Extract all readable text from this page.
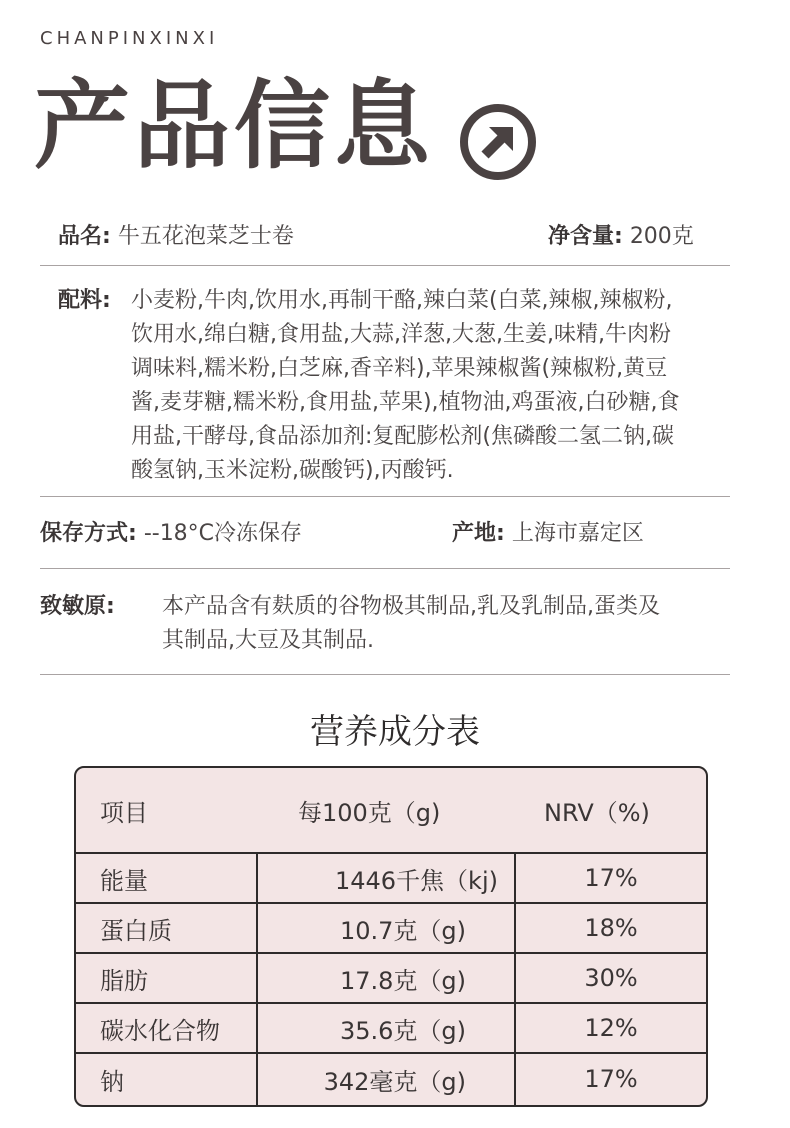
CHANPINXINXI
产品信息
品名: 牛五花泡菜芝士卷	净含量: 200克
配料: 小麦粉,牛肉,饮用水,再制干酪,辣白菜(白菜,辣椒,辣椒粉,
饮用水,绵白糖,食用盐,大蒜,洋葱,大葱,生姜,味精,牛肉粉
调味料,糯米粉,白芝麻,香辛料),苹果辣椒酱(辣椒粉,黄豆
酱,麦芽糖,糯米粉,食用盐,苹果),植物油,鸡蛋液,白砂糖,食
用盐,干酵母,食品添加剂:复配膨松剂(焦磷酸二氢二钠,碳
酸氢钠,玉米淀粉,碳酸钙),丙酸钙.
保存方式: --18°C冷冻保存	产地: 上海市嘉定区
致敏原: 本产品含有麸质的谷物极其制品,乳及乳制品,蛋类及
其制品,大豆及其制品.
营养成分表
项目	每100克（g)	NRV（%)
能量	1446千焦（kj)	17%
蛋白质	10.7克（g)	18%
脂肪	17.8克（g)	30%
碳水化合物	35.6克（g)	12%
钠	342毫克（g)	17%
